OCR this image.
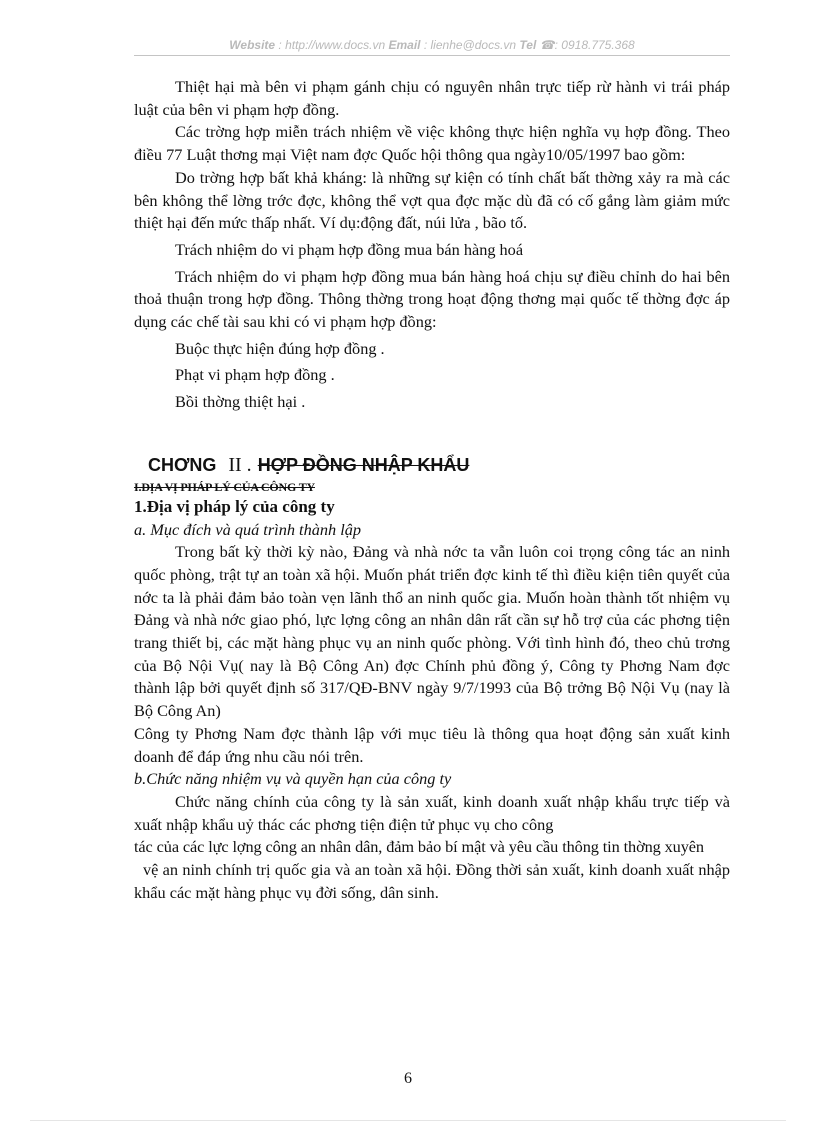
Website : http://www.docs.vn Email : lienhe@docs.vn Tel ☎: 0918.775.368

Thiệt hại mà bên vi phạm gánh chịu có nguyên nhân trực tiếp rừ hành vi trái pháp luật của bên vi phạm hợp đồng.

Các trờng hợp miễn trách nhiệm về việc không thực hiện nghĩa vụ hợp đồng. Theo điều 77 Luật thơng mại Việt nam đợc Quốc hội thông qua ngày10/05/1997 bao gồm:

Do trờng hợp bất khả kháng: là những sự kiện có tính chất bất thờng xảy ra mà các bên không thể lờng trớc đợc, không thể vợt qua đợc mặc dù đã có cố gắng làm giảm mức thiệt hại đến mức thấp nhất. Ví dụ:động đất, núi lửa , bão tố.

Trách nhiệm do vi phạm hợp đồng mua bán hàng hoá

Trách nhiệm do vi phạm hợp đồng mua bán hàng hoá chịu sự điều chỉnh do hai bên thoả thuận trong hợp đồng. Thông thờng trong hoạt động thơng mại quốc tế thờng đợc áp dụng các chế tài sau khi có vi phạm hợp đồng:

Buộc thực hiện đúng hợp đồng .

Phạt vi phạm hợp đồng .

Bồi thờng thiệt hại .

CHƠNG II . HỢP ĐỒNG NHẬP KHẨU

I.ĐỊA VỊ PHÁP LÝ CỦA CÔNG TY

1.Địa vị pháp lý của công ty

a. Mục đích và quá trình thành lập

Trong bất kỳ thời kỳ nào, Đảng và nhà nớc ta vẫn luôn coi trọng công tác an ninh quốc phòng, trật tự an toàn xã hội. Muốn phát triển đợc kinh tế thì điều kiện tiên quyết của nớc ta là phải đảm bảo toàn vẹn lãnh thổ an ninh quốc gia. Muốn hoàn thành tốt nhiệm vụ Đảng và nhà nớc giao phó, lực lợng công an nhân dân rất cần sự hỗ trợ của các phơng tiện trang thiết bị, các mặt hàng phục vụ an ninh quốc phòng. Với tình hình đó, theo chủ trơng của Bộ Nội Vụ( nay là Bộ Công An) đợc Chính phủ đồng ý, Công ty Phơng Nam đợc thành lập bởi quyết định số 317/QĐ-BNV ngày 9/7/1993 của Bộ trởng Bộ Nội Vụ (nay là Bộ Công An)

Công ty Phơng Nam đợc thành lập với mục tiêu là thông qua hoạt động sản xuất kinh doanh để đáp ứng nhu cầu nói trên.

b.Chức năng nhiệm vụ và quyền hạn của công ty

Chức năng chính của công ty là sản xuất, kinh doanh xuất nhập khẩu trực tiếp và xuất nhập khẩu uỷ thác các phơng tiện điện tử phục vụ cho công

tác của các lực lợng công an nhân dân, đảm bảo bí mật và yêu cầu thông tin thờng xuyên

vệ an ninh chính trị quốc gia và an toàn xã hội. Đồng thời sản xuất, kinh doanh xuất nhập khẩu các mặt hàng phục vụ đời sống, dân sinh.

6
